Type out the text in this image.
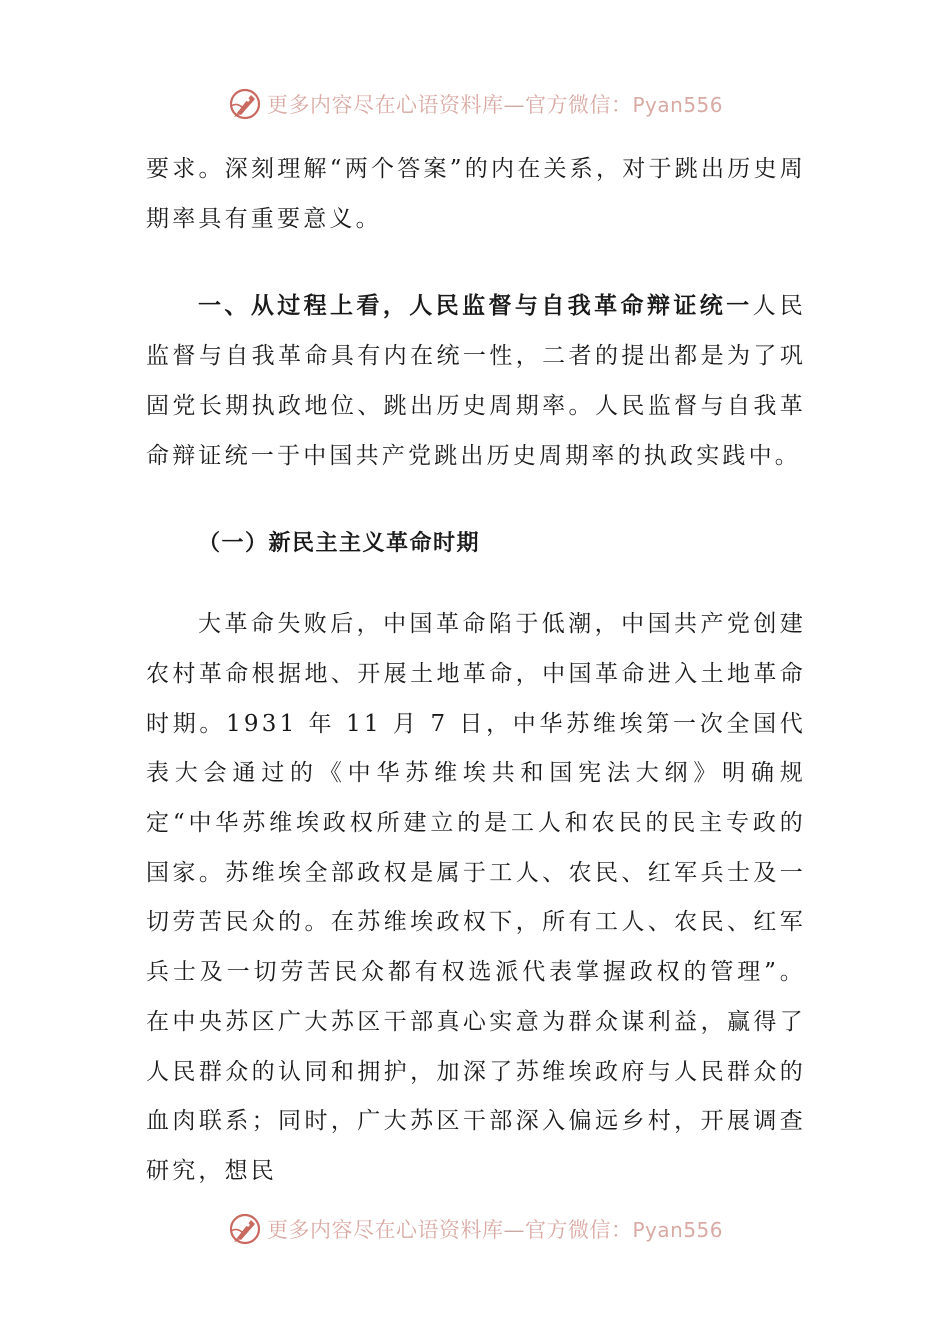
更多内容尽在心语资料库—官方微信：Pyan556

要求。深刻理解“两个答案”的内在关系，对于跳出历史周期率具有重要意义。

一、从过程上看，人民监督与自我革命辩证统一人民监督与自我革命具有内在统一性，二者的提出都是为了巩固党长期执政地位、跳出历史周期率。人民监督与自我革命辩证统一于中国共产党跳出历史周期率的执政实践中。

（一）新民主主义革命时期

大革命失败后，中国革命陷于低潮，中国共产党创建农村革命根据地、开展土地革命，中国革命进入土地革命时期。1931 年 11 月 7 日，中华苏维埃第一次全国代表大会通过的《中华苏维埃共和国宪法大纲》明确规定“中华苏维埃政权所建立的是工人和农民的民主专政的国家。苏维埃全部政权是属于工人、农民、红军兵士及一切劳苦民众的。在苏维埃政权下，所有工人、农民、红军兵士及一切劳苦民众都有权选派代表掌握政权的管理”。在中央苏区广大苏区干部真心实意为群众谋利益，赢得了人民群众的认同和拥护，加深了苏维埃政府与人民群众的血肉联系；同时，广大苏区干部深入偏远乡村，开展调查研究，想民

更多内容尽在心语资料库—官方微信：Pyan556
